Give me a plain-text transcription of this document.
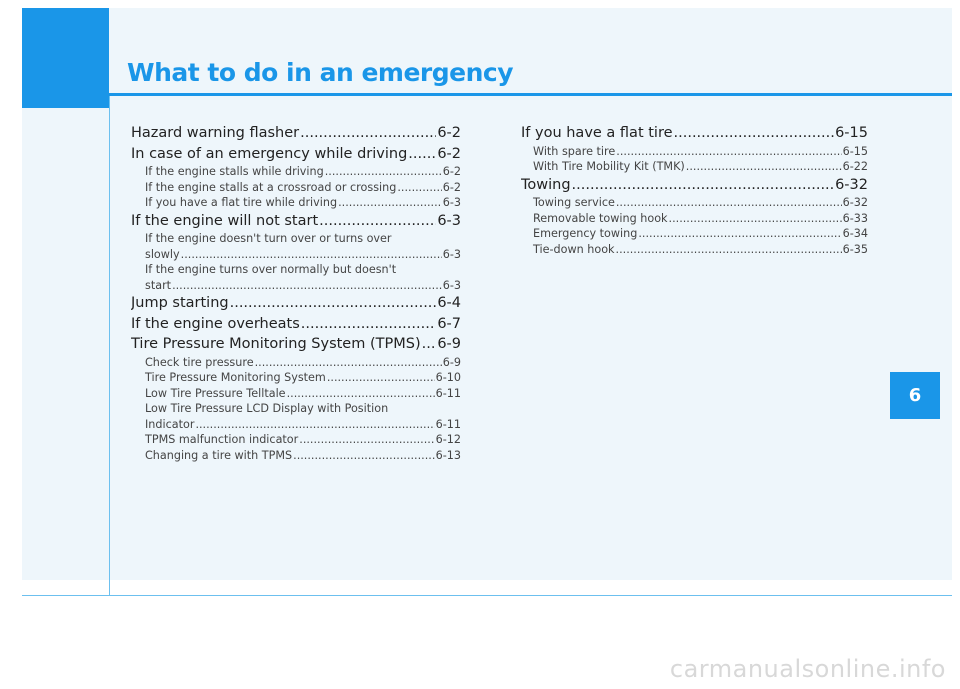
What to do in an emergency
6
Hazard warning flasher .....	6-2
In case of an emergency while driving ..... 6-2
If the engine stalls while driving .....	6-2
If the engine stalls at a crossroad or crossing .....	6-2
If you have a flat tire while driving .....	6-3
If the engine will not start .....	6-3
If the engine doesn't turn over or turns over
slowly .....	6-3
If the engine turns over normally but doesn't
start .....	6-3
Jump starting .....	6-4
If the engine overheats .....	6-7
Tire Pressure Monitoring System (TPMS) ..... 6-9
Check tire pressure .....	6-9
Tire Pressure Monitoring System .....	6-10
Low Tire Pressure Telltale .....	6-11
Low Tire Pressure LCD Display with Position
Indicator .....	6-11
TPMS malfunction indicator .....	6-12
Changing a tire with TPMS .....	6-13
If you have a flat tire .....	6-15
With spare tire .....	6-15
With Tire Mobility Kit (TMK) .....	6-22
Towing .....	6-32
Towing service .....	6-32
Removable towing hook .....	6-33
Emergency towing .....	6-34
Tie-down hook .....	6-35
carmanualsonline.info
